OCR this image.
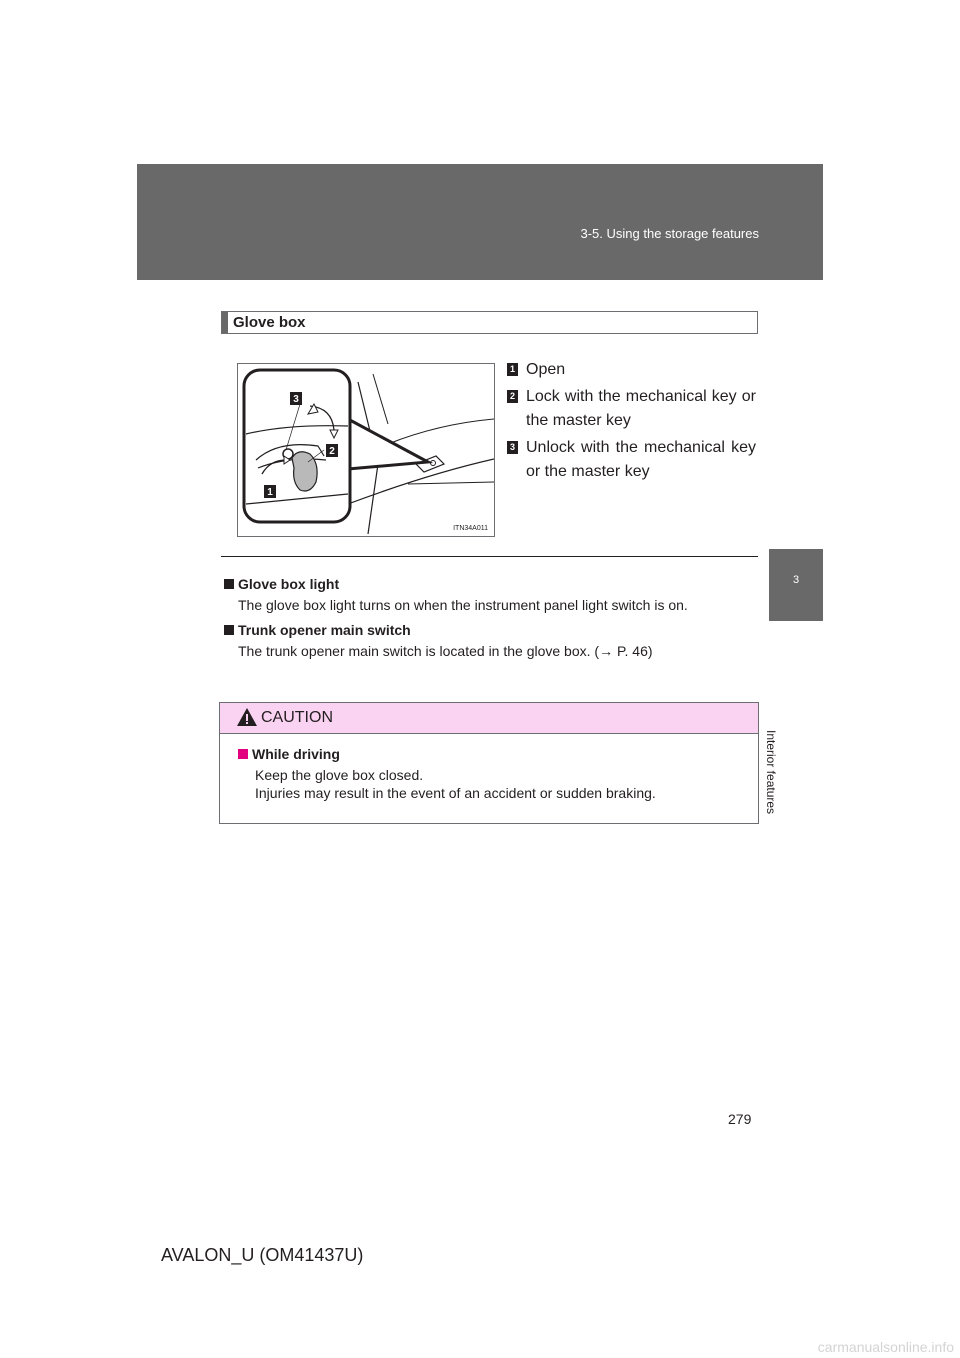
3-5. Using the storage features
3
Interior features
Glove box
3
2
1
ITN34A011
1 Open
2 Lock with the mechanical key or the master key
3 Unlock with the mechanical key or the master key
Glove box light
The glove box light turns on when the instrument panel light switch is on.
Trunk opener main switch
The trunk opener main switch is located in the glove box. (→ P. 46)
CAUTION
While driving
Keep the glove box closed.
Injuries may result in the event of an accident or sudden braking.
279
AVALON_U (OM41437U)
carmanualsonline.info
